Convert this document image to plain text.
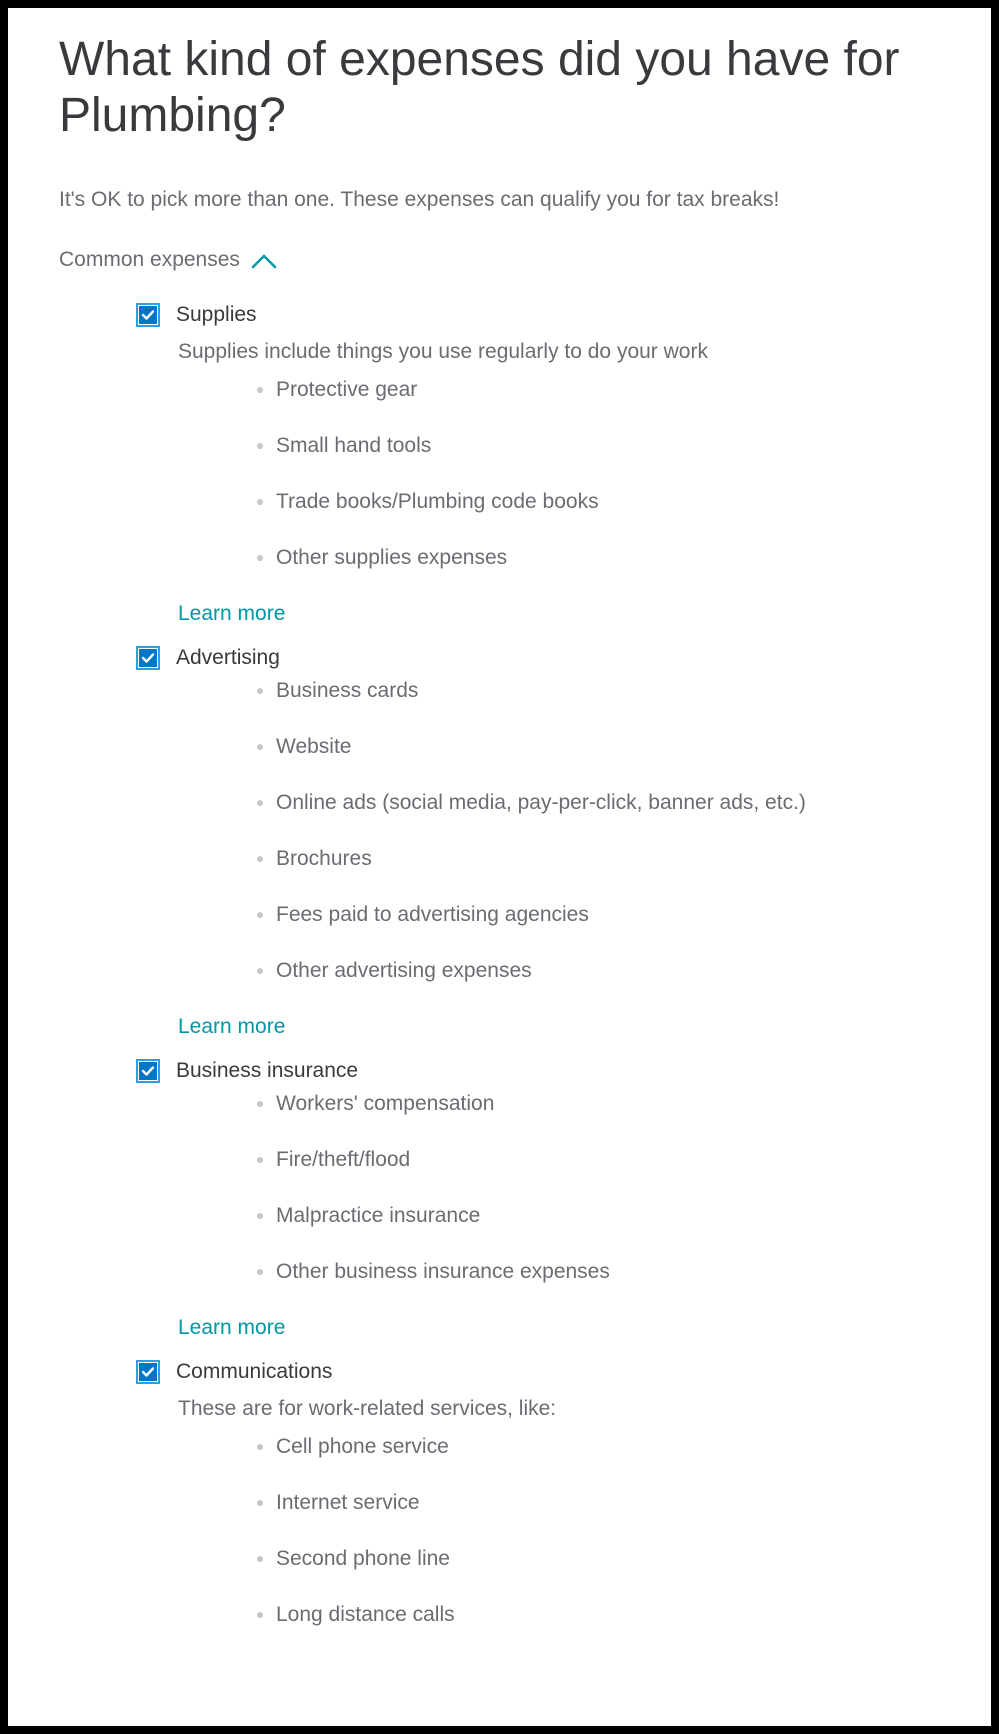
What kind of expenses did you have for Plumbing?
It's OK to pick more than one. These expenses can qualify you for tax breaks!
Common expenses
Supplies
Supplies include things you use regularly to do your work
Protective gear
Small hand tools
Trade books/Plumbing code books
Other supplies expenses
Learn more
Advertising
Business cards
Website
Online ads (social media, pay-per-click, banner ads, etc.)
Brochures
Fees paid to advertising agencies
Other advertising expenses
Learn more
Business insurance
Workers' compensation
Fire/theft/flood
Malpractice insurance
Other business insurance expenses
Learn more
Communications
These are for work-related services, like:
Cell phone service
Internet service
Second phone line
Long distance calls
